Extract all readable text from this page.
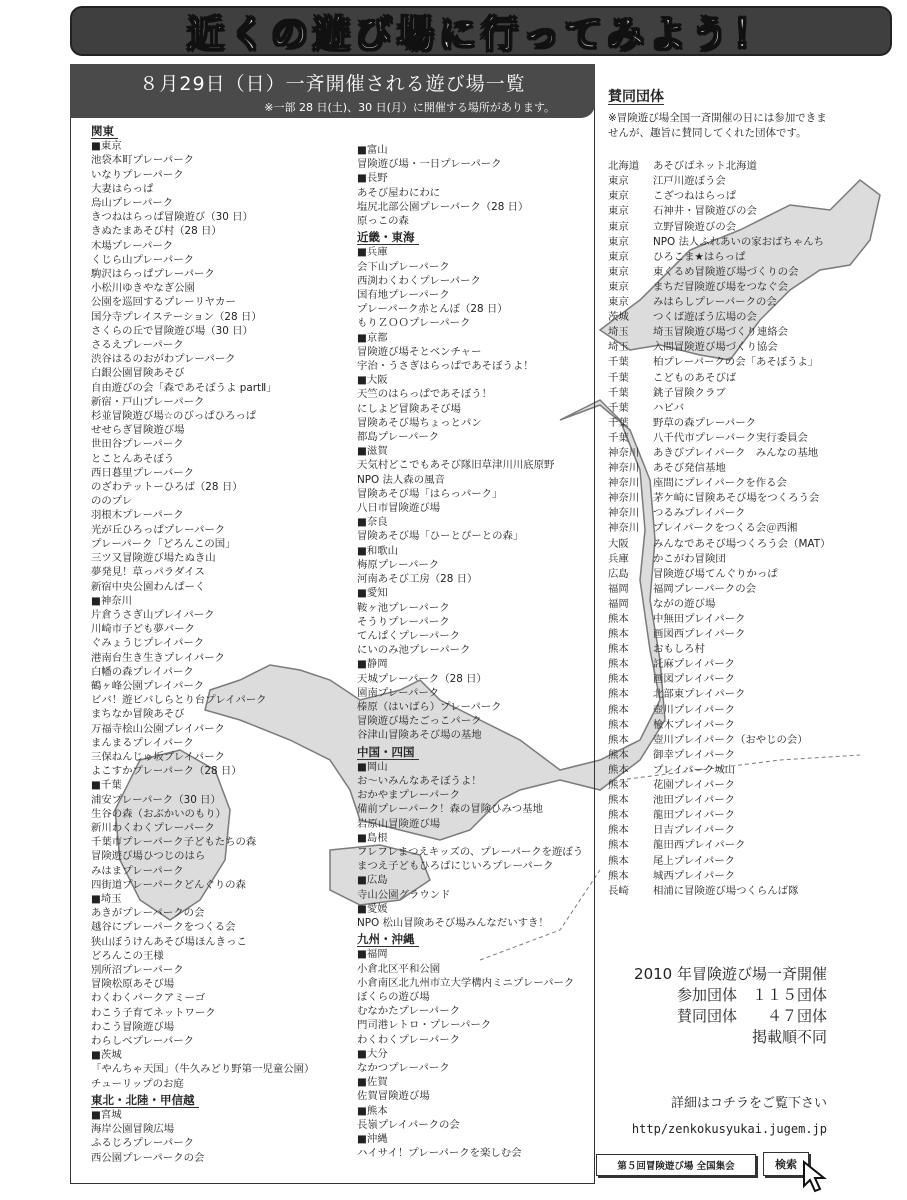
近くの遊び場に行ってみよう！
８月29日（日）一斉開催される遊び場一覧
※一部 28 日(土)、30 日(月）に開催する場所があります。
関東
■東京
池袋本町プレーパーク
いなりプレーパーク
大妻はらっぱ
烏山プレーパーク
きつねはらっぱ冒険遊び（30 日）
きぬたまあそび村（28 日）
木場プレーパーク
くじら山プレーパーク
駒沢はらっぱプレーパーク
小松川ゆきやなぎ公園
公園を巡回するプレーリヤカー
国分寺プレイステーション（28 日）
さくらの丘で冒険遊び場（30 日）
さるえプレーパーク
渋谷はるのおがわプレーパーク
白銀公園冒険あそび
自由遊びの会「森であそぼうよ partⅡ」
新宿・戸山プレーパーク
杉並冒険遊び場☆のびっぱひろっぱ
せせらぎ冒険遊び場
世田谷プレーパーク
とことんあそぼう
西日暮里プレーパーク
のざわテットーひろば（28 日）
ののプレ
羽根木プレーパーク
光が丘ひろっぱプレーパーク
プレーパーク「どろんこの国」
三ツ又冒険遊び場たぬき山
夢発見！草っパラダイス
新宿中央公園わんぱーく
■神奈川
片倉うさぎ山プレイパーク
川崎市子ども夢パーク
ぐみょうじプレイパーク
港南台生き生きプレイパーク
白幡の森プレイパーク
鶴ヶ峰公園プレイパーク
ビバ！遊ビバしらとり台プレイパーク
まちなか冒険あそび
万福寺桧山公園プレイパーク
まんまるプレイパーク
三保ねんじゅ坂プレイパーク
よこすかプレーパーク（28 日）
■千葉
浦安プレーパーク（30 日）
生谷の森（おぶかいのもり）
新川わくわくプレーパーク
千葉市プレーパーク子どもたちの森
冒険遊び場ひつじのはら
みはまプレーパーク
四街道プレーパークどんぐりの森
■埼玉
あきがプレーパークの会
越谷にプレーパークをつくる会
狭山ぼうけんあそび場ほんきっこ
どろんこの王様
別所沼プレーパーク
冒険松原あそび場
わくわくパークアミーゴ
わこう子育てネットワーク
わこう冒険遊び場
わらしべプレーパーク
■茨城
「やんちゃ天国」（牛久みどり野第一児童公園）
チューリップのお庭
東北・北陸・甲信越
■宮城
海岸公園冒険広場
ふるじろプレーパーク
西公園プレーパークの会
■富山
冒険遊び場・一日プレーパーク
■長野
あそび屋わにわに
塩尻北部公園プレーパーク（28 日）
原っこの森
近畿・東海
■兵庫
会下山プレーパーク
西渕わくわくプレーパーク
国有地プレーパーク
プレーパーク赤とんぼ（28 日）
もりＺＯＯプレーパーク
■京都
冒険遊び場そとベンチャー
宇治・うさぎはらっぱであそぼうよ！
■大阪
天竺のはらっぱであそぼう！
にしよど冒険あそび場
冒険あそび場ちょっとパン
都島プレーパーク
■滋賀
天気村どこでもあそび隊旧草津川川底原野
NPO 法人森の風音
冒険あそび場「はらっパーク」
八日市冒険遊び場
■奈良
冒険あそび場「ひーとぴーとの森」
■和歌山
梅原プレーパーク
河南あそび工房（28 日）
■愛知
鞍ヶ池プレーパーク
そうりプレーパーク
てんぱくプレーパーク
にいのみ池プレーパーク
■静岡
天城プレーパーク（28 日）
園南プレーパーク
榛原（はいばら）プレーパーク
冒険遊び場たごっこパーク
谷津山冒険あそび場の基地
中国・四国
■岡山
お〜いみんなあそぼうよ！
おかやまプレーパーク
備前プレーパーク！森の冒険ひみつ基地
岩原山冒険遊び場
■島根
フレフレまつえキッズの、プレーパークを遊ぼう
まつえ子どもひろばにじいろプレーパーク
■広島
寺山公園グラウンド
■愛媛
NPO 松山冒険あそび場みんなだいすき！
九州・沖縄
■福岡
小倉北区平和公園
小倉南区北九州市立大学構内ミニプレーパーク
ぼくらの遊び場
むなかたプレーパーク
門司港レトロ・プレーパーク
わくわくプレーパーク
■大分
なかつプレーパーク
■佐賀
佐賀冒険遊び場
■熊本
長嶺プレイパークの会
■沖縄
ハイサイ！プレーパークを楽しむ会
賛同団体
※冒険遊び場全国一斉開催の日には参加できませんが、趣旨に賛同してくれた団体です。
北海道 あそびばネット北海道
東京 江戸川遊ぼう会
東京 こざつねはらっぱ
東京 石神井・冒険遊びの会
東京 立野冒険遊びの会
東京 NPO 法人ふれあいの家おばちゃんち
東京 ひろこま★はらっぱ
東京 東くるめ冒険遊び場づくりの会
東京 まちだ冒険遊び場をつなぐ会
東京 みはらしプレーパークの会
茨城 つくば遊ぼう広場の会
埼玉 埼玉冒険遊び場づくり連絡会
埼玉 入間冒険遊び場づくり協会
千葉 柏プレーパークの会「あそぼうよ」
千葉 こどものあそびば
千葉 銚子冒険クラブ
千葉 ハピバ
千葉 野草の森プレーパーク
千葉 八千代市プレーパーク実行委員会
神奈川 あきびプレイパーク　みんなの基地
神奈川 あそび発信基地
神奈川 座間にプレイパークを作る会
神奈川 茅ケ崎に冒険あそび場をつくろう会
神奈川 つるみプレイパーク
神奈川 プレイパークをつくる会＠西湘
大阪 みんなであそび場つくろう会（MAT）
兵庫 かこがわ冒険団
広島 冒険遊び場てんぐりかっぱ
福岡 福岡プレーパークの会
福岡 ながの遊び場
熊本 中無田プレイパーク
熊本 画図西プレイパーク
熊本 おもしろ村
熊本 託麻プレイパーク
熊本 画図プレイパーク
熊本 北部東プレイパーク
熊本 壺川プレイパーク
熊本 楡木プレイパーク
熊本 壺川プレイパーク（おやじの会）
熊本 御幸プレイパーク
熊本 プレイパーク城山
熊本 花園プレイパーク
熊本 池田プレイパーク
熊本 龍田プレイパーク
熊本 日吉プレイパーク
熊本 龍田西プレイパーク
熊本 尾上プレイパーク
熊本 城西プレイパーク
長崎 相浦に冒険遊び場つくらんば隊
2010 年冒険遊び場一斉開催
参加団体　１１５団体
賛同団体　　４７団体
掲載順不同
詳細はコチラをご覧下さい
http/zenkokusyukai.jugem.jp
第５回冒険遊び場 全国集会	検索
